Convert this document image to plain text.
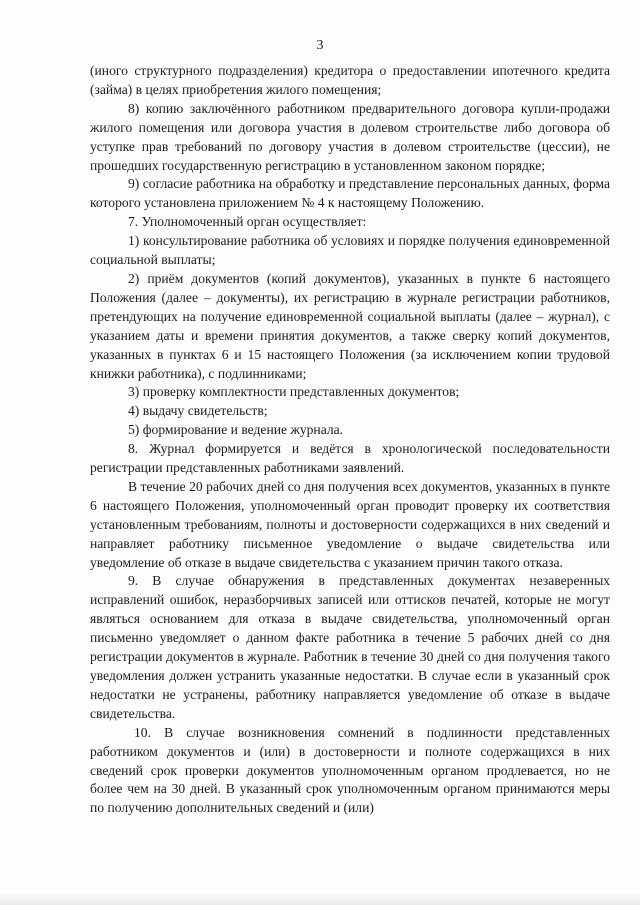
3

(иного структурного подразделения) кредитора о предоставлении ипотечного кредита (займа) в целях приобретения жилого помещения;

8) копию заключённого работником предварительного договора купли-продажи жилого помещения или договора участия в долевом строительстве либо договора об уступке прав требований по договору участия в долевом строительстве (цессии), не прошедших государственную регистрацию в установленном законом порядке;

9) согласие работника на обработку и представление персональных данных, форма которого установлена приложением № 4 к настоящему Положению.

7. Уполномоченный орган осуществляет:

1) консультирование работника об условиях и порядке получения единовременной социальной выплаты;

2) приём документов (копий документов), указанных в пункте 6 настоящего Положения (далее – документы), их регистрацию в журнале регистрации работников, претендующих на получение единовременной социальной выплаты (далее – журнал), с указанием даты и времени принятия документов, а также сверку копий документов, указанных в пунктах 6 и 15 настоящего Положения (за исключением копии трудовой книжки работника), с подлинниками;

3) проверку комплектности представленных документов;

4) выдачу свидетельств;

5) формирование и ведение журнала.

8. Журнал формируется и ведётся в хронологической последовательности регистрации представленных работниками заявлений.

В течение 20 рабочих дней со дня получения всех документов, указанных в пункте 6 настоящего Положения, уполномоченный орган проводит проверку их соответствия установленным требованиям, полноты и достоверности содержащихся в них сведений и направляет работнику письменное уведомление о выдаче свидетельства или уведомление об отказе в выдаче свидетельства с указанием причин такого отказа.

9. В случае обнаружения в представленных документах незаверенных исправлений ошибок, неразборчивых записей или оттисков печатей, которые не могут являться основанием для отказа в выдаче свидетельства, уполномоченный орган письменно уведомляет о данном факте работника в течение 5 рабочих дней со дня регистрации документов в журнале. Работник в течение 30 дней со дня получения такого уведомления должен устранить указанные недостатки. В случае если в указанный срок недостатки не устранены, работнику направляется уведомление об отказе в выдаче свидетельства.

10. В случае возникновения сомнений в подлинности представленных работником документов и (или) в достоверности и полноте содержащихся в них сведений срок проверки документов уполномоченным органом продлевается, но не более чем на 30 дней. В указанный срок уполномоченным органом принимаются меры по получению дополнительных сведений и (или)
